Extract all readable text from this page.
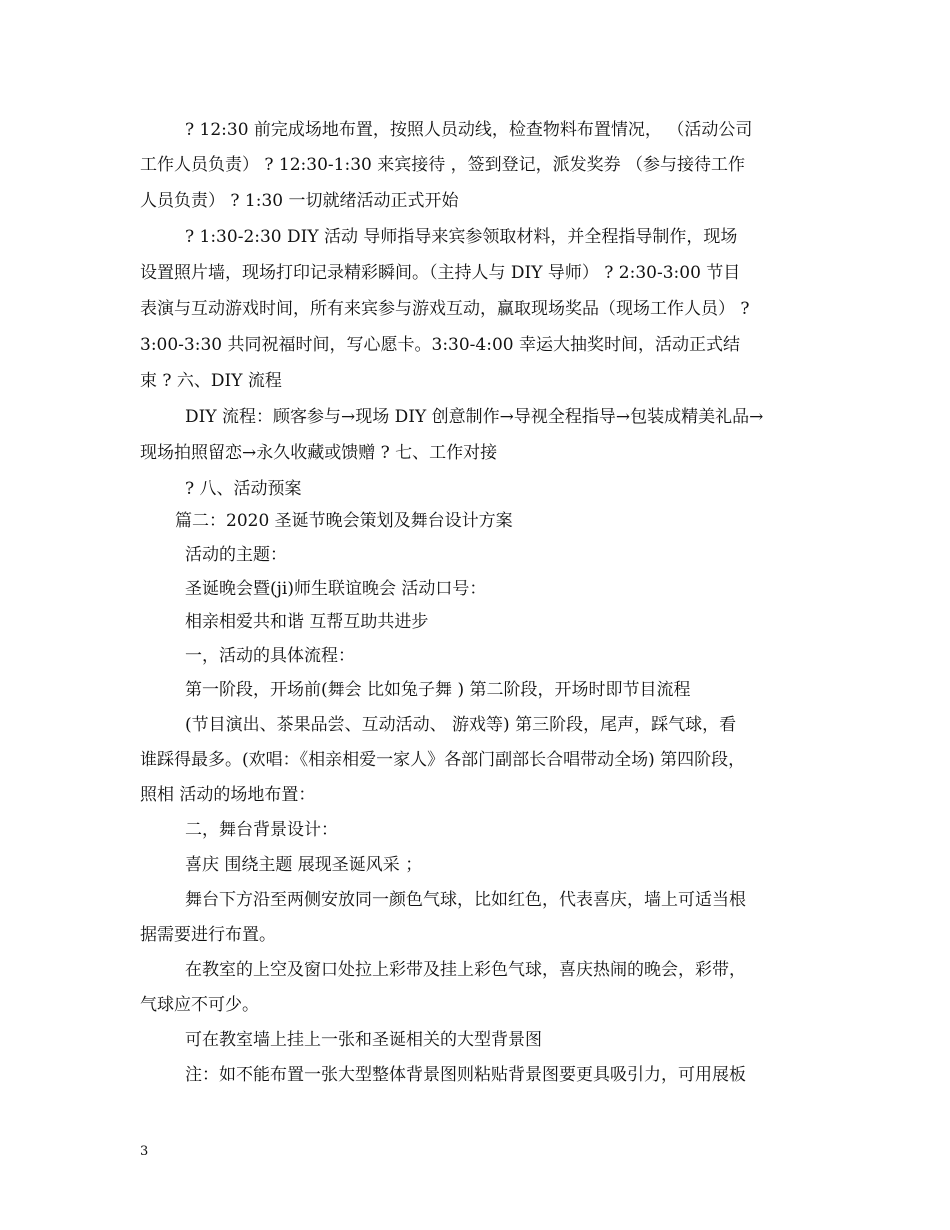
? 12:30 前完成场地布置，按照人员动线，检查物料布置情况， （活动公司
工作人员负责） ? 12:30-1:30 来宾接待 ，签到登记，派发奖券 （参与接待工作
人员负责） ? 1:30 一切就绪活动正式开始
? 1:30-2:30 DIY 活动 导师指导来宾参领取材料，并全程指导制作，现场
设置照片墙，现场打印记录精彩瞬间。（主持人与 DIY 导师） ? 2:30-3:00 节目
表演与互动游戏时间，所有来宾参与游戏互动，赢取现场奖品（现场工作人员） ?
3:00-3:30 共同祝福时间，写心愿卡。3:30-4:00 幸运大抽奖时间，活动正式结
束 ? 六、DIY 流程
DIY 流程：顾客参与→现场 DIY 创意制作→导视全程指导→包装成精美礼品→
现场拍照留恋→永久收藏或馈赠 ? 七、工作对接
? 八、活动预案
篇二：2020 圣诞节晚会策划及舞台设计方案
活动的主题：
圣诞晚会暨(ji)师生联谊晚会 活动口号：
相亲相爱共和谐 互帮互助共进步
一，活动的具体流程：
第一阶段，开场前(舞会 比如兔子舞 ) 第二阶段，开场时即节目流程
(节目演出、茶果品尝、互动活动、 游戏等) 第三阶段，尾声，踩气球，看
谁踩得最多。(欢唱：《相亲相爱一家人》各部门副部长合唱带动全场) 第四阶段，
照相 活动的场地布置：
二，舞台背景设计：
喜庆 围绕主题 展现圣诞风采 ；
舞台下方沿至两侧安放同一颜色气球，比如红色，代表喜庆，墙上可适当根
据需要进行布置。
在教室的上空及窗口处拉上彩带及挂上彩色气球，喜庆热闹的晚会，彩带，
气球应不可少。
可在教室墙上挂上一张和圣诞相关的大型背景图
注：如不能布置一张大型整体背景图则粘贴背景图要更具吸引力，可用展板
3
